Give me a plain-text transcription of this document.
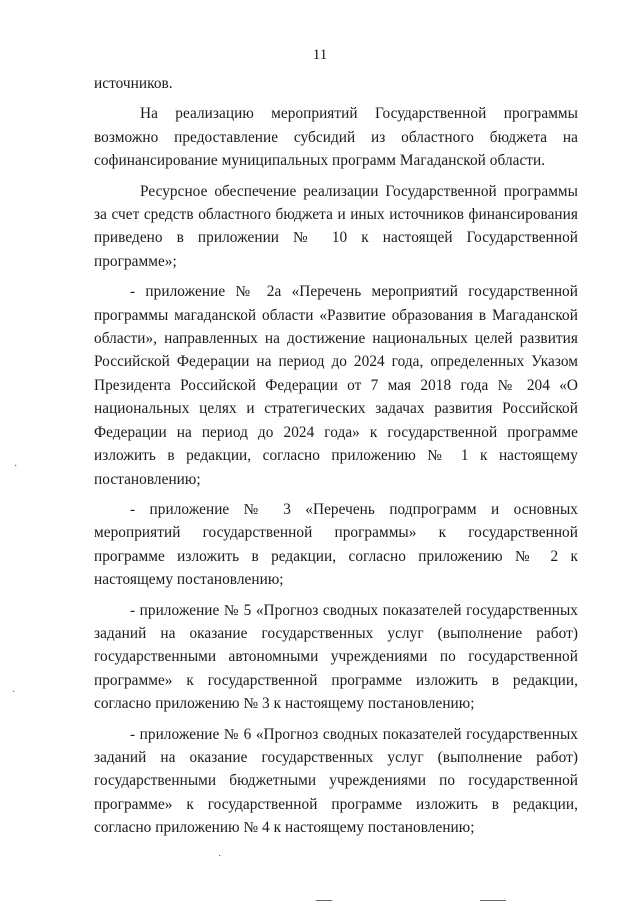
11

источников.

На реализацию мероприятий Государственной программы возможно предоставление субсидий из областного бюджета на софинансирование муниципальных программ Магаданской области.

Ресурсное обеспечение реализации Государственной программы за счет средств областного бюджета и иных источников финансирования приведено в приложении № 10 к настоящей Государственной программе»;

- приложение № 2а «Перечень мероприятий государственной программы магаданской области «Развитие образования в Магаданской области», направленных на достижение национальных целей развития Российской Федерации на период до 2024 года, определенных Указом Президента Российской Федерации от 7 мая 2018 года № 204 «О национальных целях и стратегических задачах развития Российской Федерации на период до 2024 года» к государственной программе изложить в редакции, согласно приложению № 1 к настоящему постановлению;

- приложение № 3 «Перечень подпрограмм и основных мероприятий государственной программы» к государственной программе изложить в редакции, согласно приложению № 2 к настоящему постановлению;

- приложение № 5 «Прогноз сводных показателей государственных заданий на оказание государственных услуг (выполнение работ) государственными автономными учреждениями по государственной программе» к государственной программе изложить в редакции, согласно приложению № 3 к настоящему постановлению;

- приложение № 6 «Прогноз сводных показателей государственных заданий на оказание государственных услуг (выполнение работ) государственными бюджетными учреждениями по государственной программе» к государственной программе изложить в редакции, согласно приложению № 4 к настоящему постановлению;

·
·
·
